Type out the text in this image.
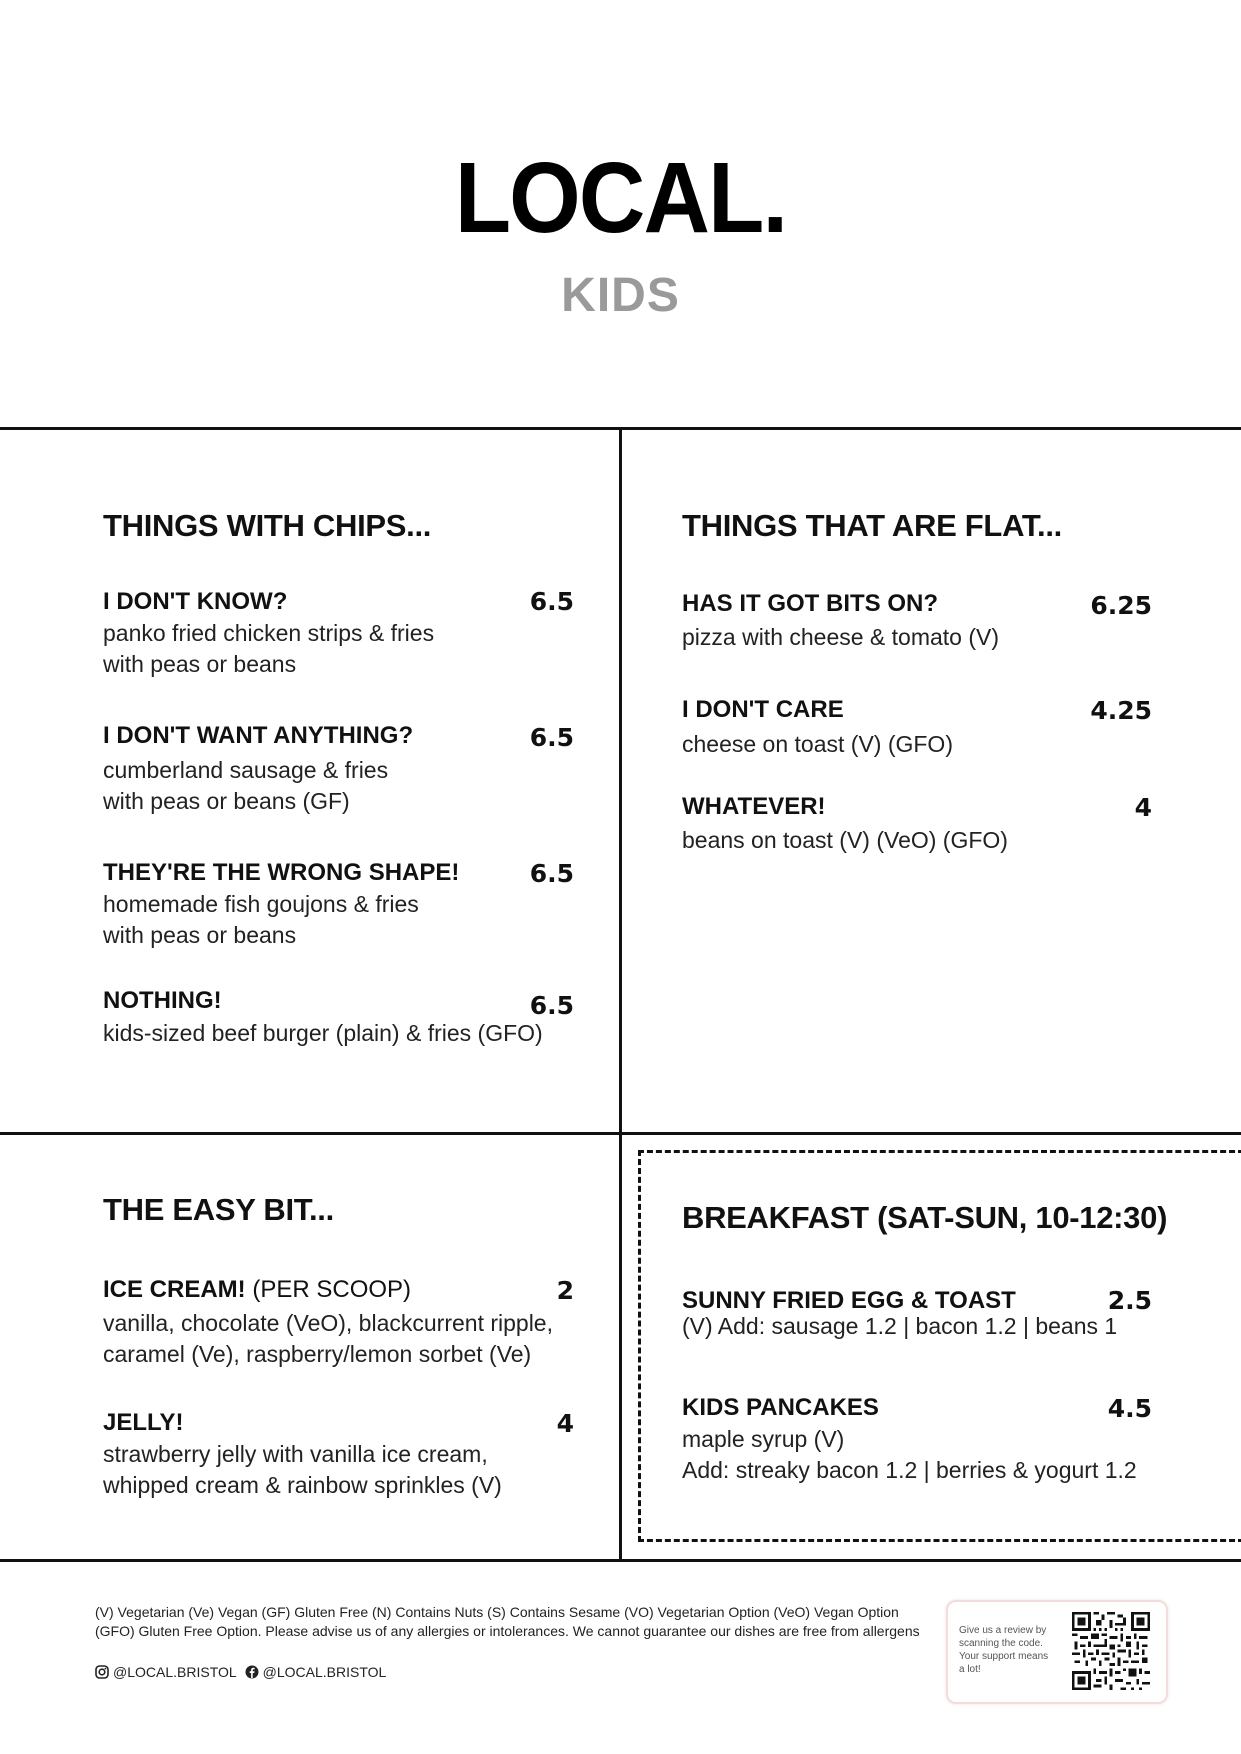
LOCAL.
KIDS
THINGS WITH CHIPS...
I DON'T KNOW?	6.5
panko fried chicken strips & fries
with peas or beans
I DON'T WANT ANYTHING?	6.5
cumberland sausage & fries
with peas or beans (GF)
THEY'RE THE WRONG SHAPE!	6.5
homemade fish goujons & fries
with peas or beans
NOTHING!	6.5
kids-sized beef burger (plain) & fries (GFO)
THINGS THAT ARE FLAT...
HAS IT GOT BITS ON?	6.25
pizza with cheese & tomato (V)
I DON'T CARE	4.25
cheese on toast (V) (GFO)
WHATEVER!	4
beans on toast (V) (VeO) (GFO)
THE EASY BIT...
ICE CREAM! (PER SCOOP)	2
vanilla, chocolate (VeO), blackcurrent ripple,
caramel (Ve), raspberry/lemon sorbet (Ve)
JELLY!	4
strawberry jelly with vanilla ice cream,
whipped cream & rainbow sprinkles (V)
BREAKFAST (SAT-SUN, 10-12:30)
SUNNY FRIED EGG & TOAST	2.5
(V) Add: sausage 1.2 | bacon 1.2 | beans 1
KIDS PANCAKES	4.5
maple syrup (V)
Add: streaky bacon 1.2 | berries & yogurt 1.2
(V) Vegetarian (Ve) Vegan (GF) Gluten Free (N) Contains Nuts (S) Contains Sesame (VO) Vegetarian Option (VeO) Vegan Option
(GFO) Gluten Free Option. Please advise us of any allergies or intolerances. We cannot guarantee our dishes are free from allergens
@LOCAL.BRISTOL @LOCAL.BRISTOL
Give us a review by
scanning the code.
Your support means
a lot!
